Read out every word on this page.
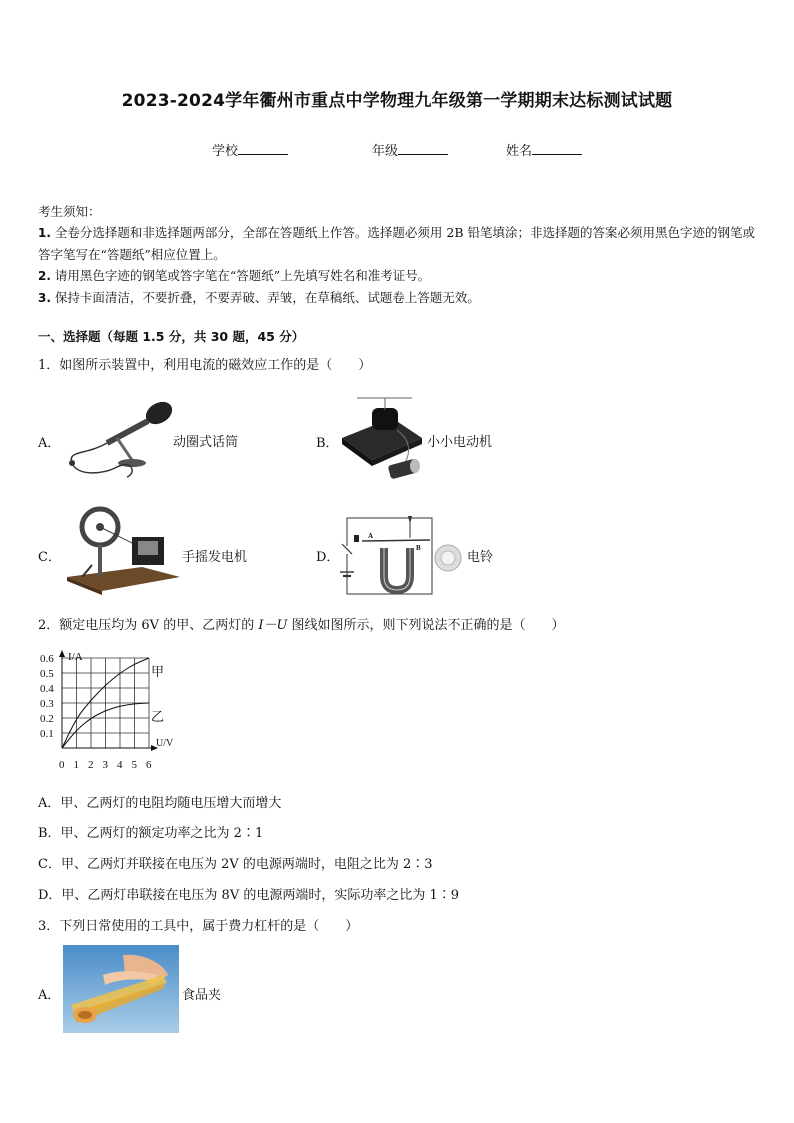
2023-2024学年衢州市重点中学物理九年级第一学期期末达标测试试题
学校	年级	姓名
考生须知：
1. 全卷分选择题和非选择题两部分，全部在答题纸上作答。选择题必须用 2B 铅笔填涂；非选择题的答案必须用黑色字迹的钢笔或答字笔写在“答题纸”相应位置上。
2. 请用黑色字迹的钢笔或答字笔在“答题纸”上先填写姓名和准考证号。
3. 保持卡面清洁，不要折叠，不要弄破、弄皱，在草稿纸、试题卷上答题无效。
一、选择题（每题 1.5 分，共 30 题，45 分）
1．如图所示装置中，利用电流的磁效应工作的是（　　）
A．	动圈式话筒	B．	小小电动机
C．	手摇发电机	D．
A
B
电铃
2．额定电压均为 6V 的甲、乙两灯的 I－U 图线如图所示，则下列说法不正确的是（　　）
I/A
U/V
0.6
0.5
0.4
0.3
0.2
0.1
0 1 2 3 4 5 6
甲
乙
A．甲、乙两灯的电阻均随电压增大而增大
B．甲、乙两灯的额定功率之比为 2∶1
C．甲、乙两灯并联接在电压为 2V 的电源两端时，电阻之比为 2∶3
D．甲、乙两灯串联接在电压为 8V 的电源两端时，实际功率之比为 1∶9
3．下列日常使用的工具中，属于费力杠杆的是（　　）
A．	食品夹
